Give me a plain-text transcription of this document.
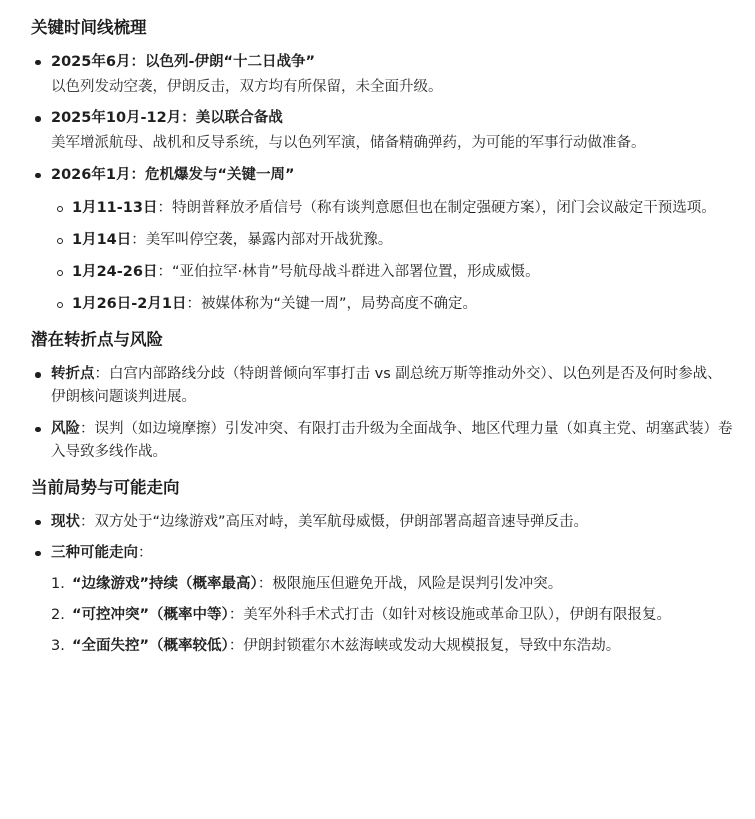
关键时间线梳理
2025年6月：以色列-伊朗“十二日战争”
以色列发动空袭，伊朗反击，双方均有所保留，未全面升级。
2025年10月-12月：美以联合备战
美军增派航母、战机和反导系统，与以色列军演，储备精确弹药，为可能的军事行动做准备。
2026年1月：危机爆发与“关键一周”
1月11-13日：特朗普释放矛盾信号（称有谈判意愿但也在制定强硬方案），闭门会议敲定干预选项。
1月14日：美军叫停空袭，暴露内部对开战犹豫。
1月24-26日：“亚伯拉罕·林肯”号航母战斗群进入部署位置，形成威慑。
1月26日-2月1日：被媒体称为“关键一周”，局势高度不确定。
潜在转折点与风险
转折点：白宫内部路线分歧（特朗普倾向军事打击 vs 副总统万斯等推动外交）、以色列是否及何时参战、伊朗核问题谈判进展。
风险：误判（如边境摩擦）引发冲突、有限打击升级为全面战争、地区代理力量（如真主党、胡塞武装）卷入导致多线作战。
当前局势与可能走向
现状：双方处于“边缘游戏”高压对峙，美军航母威慑，伊朗部署高超音速导弹反击。
三种可能走向：
1. “边缘游戏”持续（概率最高）：极限施压但避免开战，风险是误判引发冲突。
2. “可控冲突”（概率中等）：美军外科手术式打击（如针对核设施或革命卫队），伊朗有限报复。
3. “全面失控”（概率较低）：伊朗封锁霍尔木兹海峡或发动大规模报复，导致中东浩劫。
